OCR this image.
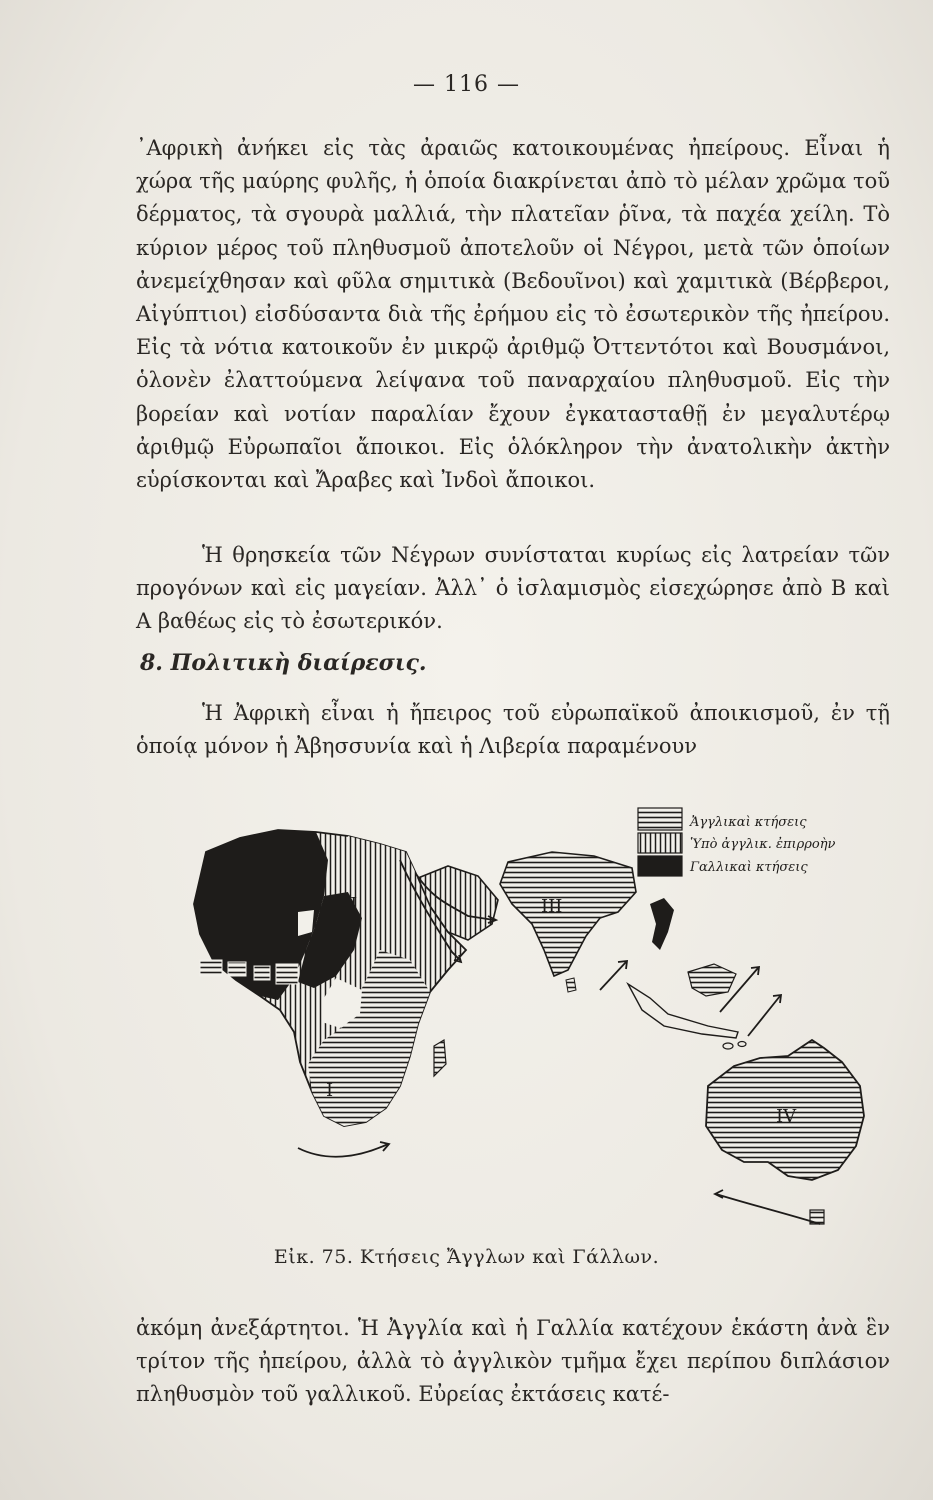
— 116 —

᾿Αφρικὴ ἀνήκει εἰς τὰς ἀραιῶς κατοικουμένας ἠπείρους. Εἶναι ἡ χώρα τῆς μαύρης φυλῆς, ἡ ὁποία διακρίνεται ἀπὸ τὸ μέλαν χρῶμα τοῦ δέρματος, τὰ σγουρὰ μαλλιά, τὴν πλατεῖαν ῥῖνα, τὰ παχέα χείλη. Τὸ κύριον μέρος τοῦ πληθυσμοῦ ἀποτελοῦν οἱ Νέγροι, μετὰ τῶν ὁποίων ἀνεμείχθησαν καὶ φῦλα σημιτικὰ (Βεδουῖνοι) καὶ χαμιτικὰ (Βέρβεροι, Αἰγύπτιοι) εἰσδύσαντα διὰ τῆς ἐρήμου εἰς τὸ ἐσωτερικὸν τῆς ἠπείρου. Εἰς τὰ νότια κατοικοῦν ἐν μικρῷ ἀριθμῷ Ὀττεντότοι καὶ Βουσμάνοι, ὁλονὲν ἐλαττούμενα λείψανα τοῦ παναρχαίου πληθυσμοῦ. Εἰς τὴν βορείαν καὶ νοτίαν παραλίαν ἔχουν ἐγκατασταθῇ ἐν μεγαλυτέρῳ ἀριθμῷ Εὐρωπαῖοι ἄποικοι. Εἰς ὁλόκληρον τὴν ἀνατολικὴν ἀκτὴν εὑρίσκονται καὶ Ἄραβες καὶ Ἰνδοὶ ἄποικοι.

Ἡ θρησκεία τῶν Νέγρων συνίσταται κυρίως εἰς λατρείαν τῶν προγόνων καὶ εἰς μαγείαν. Ἀλλ᾿ ὁ ἰσλαμισμὸς εἰσεχώρησε ἀπὸ Β καὶ Α βαθέως εἰς τὸ ἐσωτερικόν.

8. Πολιτικὴ διαίρεσις.

Ἡ Ἀφρικὴ εἶναι ἡ ἤπειρος τοῦ εὐρωπαϊκοῦ ἀποικισμοῦ, ἐν τῇ ὁποίᾳ μόνον ἡ Ἀβησσυνία καὶ ἡ Λιβερία παραμένουν

Ἀγγλικαὶ κτήσεις
Ὑπὸ ἀγγλικ. ἐπιρροὴν
Γαλλικαὶ κτήσεις
II
I
III
IV
Εἰκ. 75. Κτήσεις Ἄγγλων καὶ Γάλλων.

ἀκόμη ἀνεξάρτητοι. Ἡ Ἀγγλία καὶ ἡ Γαλλία κατέχουν ἑκάστη ἀνὰ ἓν τρίτον τῆς ἠπείρου, ἀλλὰ τὸ ἀγγλικὸν τμῆμα ἔχει περίπου διπλάσιον πληθυσμὸν τοῦ γαλλικοῦ. Εὐρείας ἐκτάσεις κατέ-
